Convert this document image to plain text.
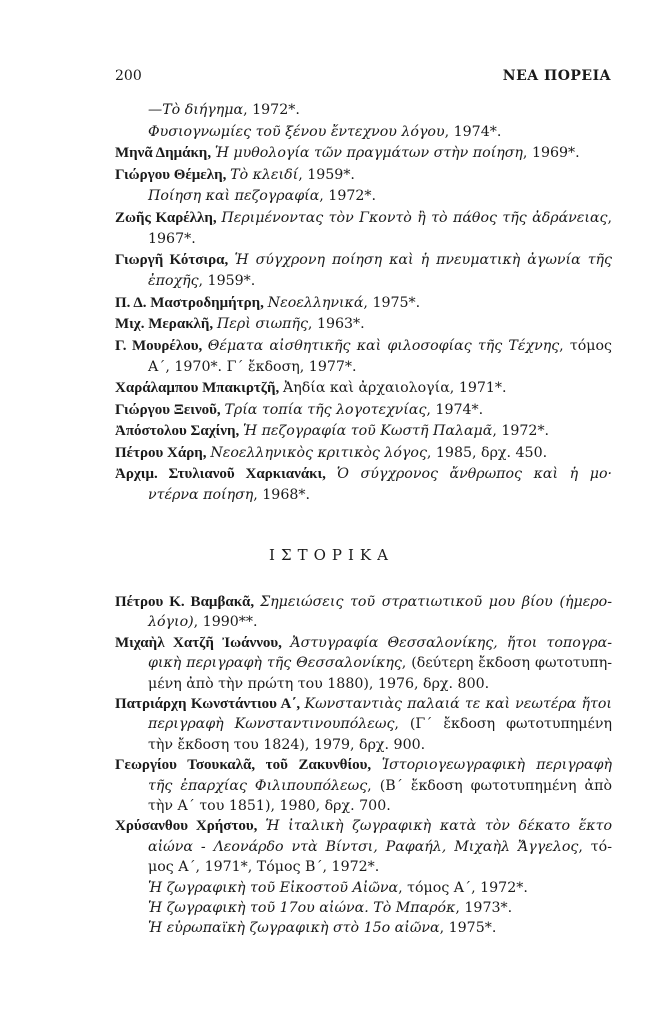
200	ΝΕΑ ΠΟΡΕΙΑ
—Τὸ διήγημα, 1972*.
Φυσιογνωμίες τοῦ ξένου ἔντεχνου λόγου, 1974*.
Μηνᾶ Δημάκη, Ἡ μυθολογία τῶν πραγμάτων στὴν ποίηση, 1969*.
Γιώργου Θέμελη, Τὸ κλειδί, 1959*.
Ποίηση καὶ πεζογραφία, 1972*.
Ζωῆς Καρέλλη, Περιμένοντας τὸν Γκοντὸ ἢ τὸ πάθος τῆς ἀδράνειας,
1967*.
Γιωργῆ Κότσιρα, Ἡ σύγχρονη ποίηση καὶ ἡ πνευματικὴ ἀγωνία τῆς
ἐποχῆς, 1959*.
Π. Δ. Μαστροδημήτρη, Νεοελληνικά, 1975*.
Μιχ. Μερακλῆ, Περὶ σιωπῆς, 1963*.
Γ. Μουρέλου, Θέματα αἰσθητικῆς καὶ φιλοσοφίας τῆς Τέχνης, τόμος
Α΄, 1970*. Γ΄ ἔκδοση, 1977*.
Χαράλαμπου Μπακιρτζῆ, Ἀηδία καὶ ἀρχαιολογία, 1971*.
Γιώργου Ξεινοῦ, Τρία τοπία τῆς λογοτεχνίας, 1974*.
Ἀπόστολου Σαχίνη, Ἡ πεζογραφία τοῦ Κωστῆ Παλαμᾶ, 1972*.
Πέτρου Χάρη, Νεοελληνικὸς κριτικὸς λόγος, 1985, δρχ. 450.
Ἀρχιμ. Στυλιανοῦ Χαρκιανάκι, Ὁ σύγχρονος ἄνθρωπος καὶ ἡ μο·
ντέρνα ποίηση, 1968*.
ΙΣΤΟΡΙΚΑ
Πέτρου Κ. Βαμβακᾶ, Σημειώσεις τοῦ στρατιωτικοῦ μου βίου (ἡμερο-
λόγιο), 1990**.
Μιχαὴλ Χατζῆ Ἰωάννου, Ἀστυγραφία Θεσσαλονίκης, ἤτοι τοπογρα-
φικὴ περιγραφὴ τῆς Θεσσαλονίκης, (δεύτερη ἔκδοση φωτοτυπη-
μένη ἀπὸ τὴν πρώτη του 1880), 1976, δρχ. 800.
Πατριάρχη Κωνστάντιου Α΄, Κωνσταντιὰς παλαιά τε καὶ νεωτέρα ἤτοι
περιγραφὴ Κωνσταντινουπόλεως, (Γ΄ ἔκδοση φωτοτυπημένη
τὴν ἔκδοση του 1824), 1979, δρχ. 900.
Γεωργίου Τσουκαλᾶ, τοῦ Ζακυνθίου, Ἱστοριογεωγραφικὴ περιγραφὴ
τῆς ἐπαρχίας Φιλιπουπόλεως, (Β΄ ἔκδοση φωτοτυπημένη ἀπὸ
τὴν Α΄ του 1851), 1980, δρχ. 700.
Χρύσανθου Χρήστου, Ἡ ἰταλικὴ ζωγραφικὴ κατὰ τὸν δέκατο ἕκτο
αἰώνα - Λεονάρδο ντὰ Βίντσι, Ραφαήλ, Μιχαὴλ Ἄγγελος, τό-
μος Α΄, 1971*, Τόμος Β΄, 1972*.
Ἡ ζωγραφικὴ τοῦ Εἰκοστοῦ Αἰῶνα, τόμος Α΄, 1972*.
Ἡ ζωγραφικὴ τοῦ 17ου αἰώνα. Τὸ Μπαρόκ, 1973*.
Ἡ εὐρωπαϊκὴ ζωγραφικὴ στὸ 15ο αἰῶνα, 1975*.
